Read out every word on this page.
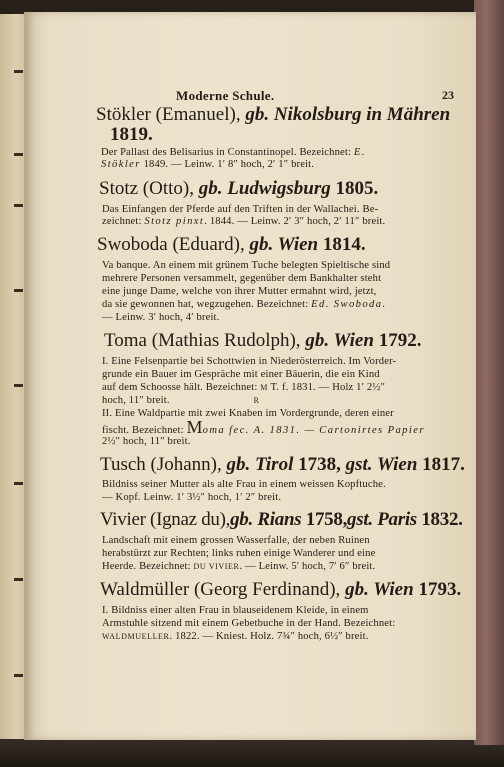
Moderne Schule.	23
Stökler (Emanuel), gb. Nikolsburg in Mähren
1819.
Der Pallast des Belisarius in Constantinopel. Bezeichnet: E.
Stökler 1849. — Leinw. 1′ 8″ hoch, 2′ 1″ breit.
Stotz (Otto), gb. Ludwigsburg 1805.
Das Einfangen der Pferde auf den Triften in der Wallachei. Be-
zeichnet: Stotz pinxt. 1844. — Leinw. 2′ 3″ hoch, 2′ 11″ breit.
Swoboda (Eduard), gb. Wien 1814.
Va banque. An einem mit grünem Tuche belegten Spieltische sind
mehrere Personen versammelt, gegenüber dem Bankhalter steht
eine junge Dame, welche von ihrer Mutter ermahnt wird, jetzt,
da sie gewonnen hat, wegzugehen. Bezeichnet: Ed. Swoboda.
— Leinw. 3′ hoch, 4′ breit.
Toma (Mathias Rudolph), gb. Wien 1792.
I. Eine Felsenpartie bei Schottwien in Niederösterreich. Im Vorder-
grunde ein Bauer im Gespräche mit einer Bäuerin, die ein Kind
auf dem Schoosse hält. Bezeichnet: M T. f. 1831. — Holz 1′ 2½″
hoch, 11″ breit.	R
II. Eine Waldpartie mit zwei Knaben im Vordergrunde, deren einer
fischt. Bezeichnet: Moma fec. A. 1831. — Cartonirtes Papier
2½″ hoch, 11″ breit.
Tusch (Johann), gb. Tirol 1738, gst. Wien 1817.
Bildniss seiner Mutter als alte Frau in einem weissen Kopftuche.
— Kopf. Leinw. 1′ 3½″ hoch, 1′ 2″ breit.
Vivier (Ignaz du),gb. Rians 1758,gst. Paris 1832.
Landschaft mit einem grossen Wasserfalle, der neben Ruinen
herabstürzt zur Rechten; links ruhen einige Wanderer und eine
Heerde. Bezeichnet: DU VIVIER. — Leinw. 5′ hoch, 7′ 6″ breit.
Waldmüller (Georg Ferdinand), gb. Wien 1793.
I. Bildniss einer alten Frau in blauseidenem Kleide, in einem
Armstuhle sitzend mit einem Gebetbuche in der Hand. Bezeichnet:
WALDMUELLER. 1822. — Kniest. Holz. 7¾″ hoch, 6½″ breit.
